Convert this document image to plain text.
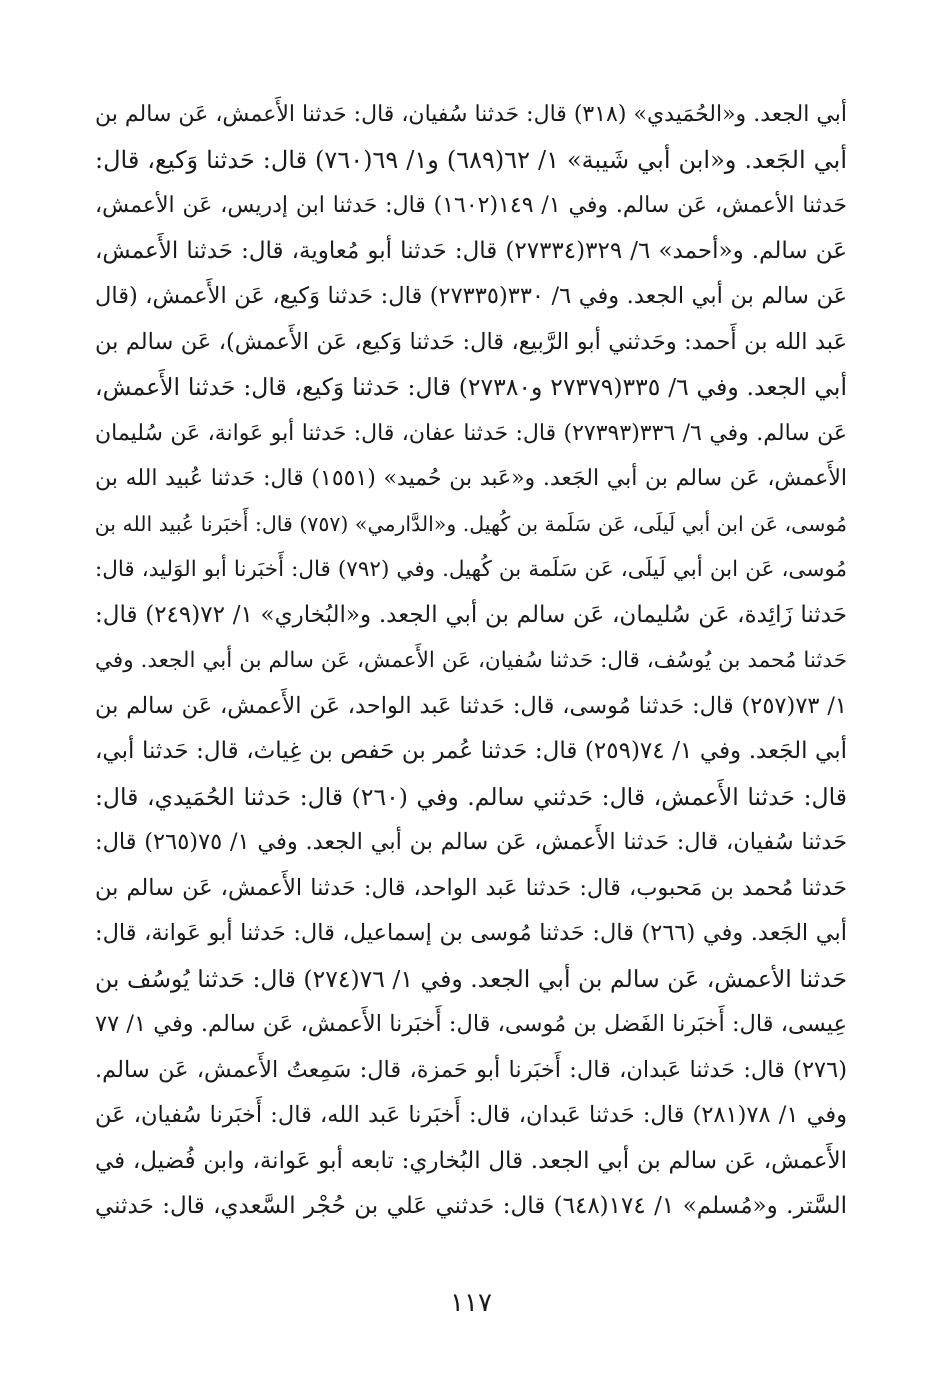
أبي الجعد. و«الحُمَيدي» (٣١٨) قال: حَدثنا سُفيان، قال: حَدثنا الأَعمش، عَن سالم بن
أبي الجَعد. و«ابن أبي شَيبة» ١/ ٦٢(٦٨٩) و١/ ٦٩(٧٦٠) قال: حَدثنا وَكيع، قال:
حَدثنا الأعمش، عَن سالم. وفي ١/ ١٤٩(١٦٠٢) قال: حَدثنا ابن إدريس، عَن الأعمش،
عَن سالم. و«أحمد» ٦/ ٣٢٩(٢٧٣٣٤) قال: حَدثنا أبو مُعاوية، قال: حَدثنا الأَعمش،
عَن سالم بن أبي الجعد. وفي ٦/ ٣٣٠(٢٧٣٣٥) قال: حَدثنا وَكيع، عَن الأَعمش، (قال
عَبد الله بن أَحمد: وحَدثني أبو الرَّبيع، قال: حَدثنا وَكيع، عَن الأَعمش)، عَن سالم بن
أبي الجعد. وفي ٦/ ٣٣٥(٢٧٣٧٩ و٢٧٣٨٠) قال: حَدثنا وَكيع، قال: حَدثنا الأَعمش،
عَن سالم. وفي ٦/ ٣٣٦(٢٧٣٩٣) قال: حَدثنا عفان، قال: حَدثنا أبو عَوانة، عَن سُليمان
الأَعمش، عَن سالم بن أبي الجَعد. و«عَبد بن حُميد» (١٥٥١) قال: حَدثنا عُبيد الله بن
مُوسى، عَن ابن أبي لَيلَى، عَن سَلَمة بن كُهيل. و«الدَّارمي» (٧٥٧) قال: أَخبَرنا عُبيد الله بن
مُوسى، عَن ابن أبي لَيلَى، عَن سَلَمة بن كُهيل. وفي (٧٩٢) قال: أَخبَرنا أبو الوَليد، قال:
حَدثنا زَائِدة، عَن سُليمان، عَن سالم بن أبي الجعد. و«البُخاري» ١/ ٧٢(٢٤٩) قال:
حَدثنا مُحمد بن يُوسُف، قال: حَدثنا سُفيان، عَن الأَعمش، عَن سالم بن أبي الجعد. وفي
١/ ٧٣(٢٥٧) قال: حَدثنا مُوسى، قال: حَدثنا عَبد الواحد، عَن الأَعمش، عَن سالم بن
أبي الجَعد. وفي ١/ ٧٤(٢٥٩) قال: حَدثنا عُمر بن حَفص بن غِياث، قال: حَدثنا أبي،
قال: حَدثنا الأَعمش، قال: حَدثني سالم. وفي (٢٦٠) قال: حَدثنا الحُمَيدي، قال:
حَدثنا سُفيان، قال: حَدثنا الأَعمش، عَن سالم بن أبي الجعد. وفي ١/ ٧٥(٢٦٥) قال:
حَدثنا مُحمد بن مَحبوب، قال: حَدثنا عَبد الواحد، قال: حَدثنا الأَعمش، عَن سالم بن
أبي الجَعد. وفي (٢٦٦) قال: حَدثنا مُوسى بن إسماعيل، قال: حَدثنا أبو عَوانة، قال:
حَدثنا الأعمش، عَن سالم بن أبي الجعد. وفي ١/ ٧٦(٢٧٤) قال: حَدثنا يُوسُف بن
عِيسى، قال: أَخبَرنا الفَضل بن مُوسى، قال: أَخبَرنا الأَعمش، عَن سالم. وفي ١/ ٧٧
(٢٧٦) قال: حَدثنا عَبدان، قال: أَخبَرنا أبو حَمزة، قال: سَمِعتُ الأَعمش، عَن سالم.
وفي ١/ ٧٨(٢٨١) قال: حَدثنا عَبدان، قال: أَخبَرنا عَبد الله، قال: أَخبَرنا سُفيان، عَن
الأَعمش، عَن سالم بن أبي الجعد. قال البُخاري: تابعه أبو عَوانة، وابن فُضيل، في
السَّتر. و«مُسلم» ١/ ١٧٤(٦٤٨) قال: حَدثني عَلي بن حُجْر السَّعدي، قال: حَدثني
١١٧
